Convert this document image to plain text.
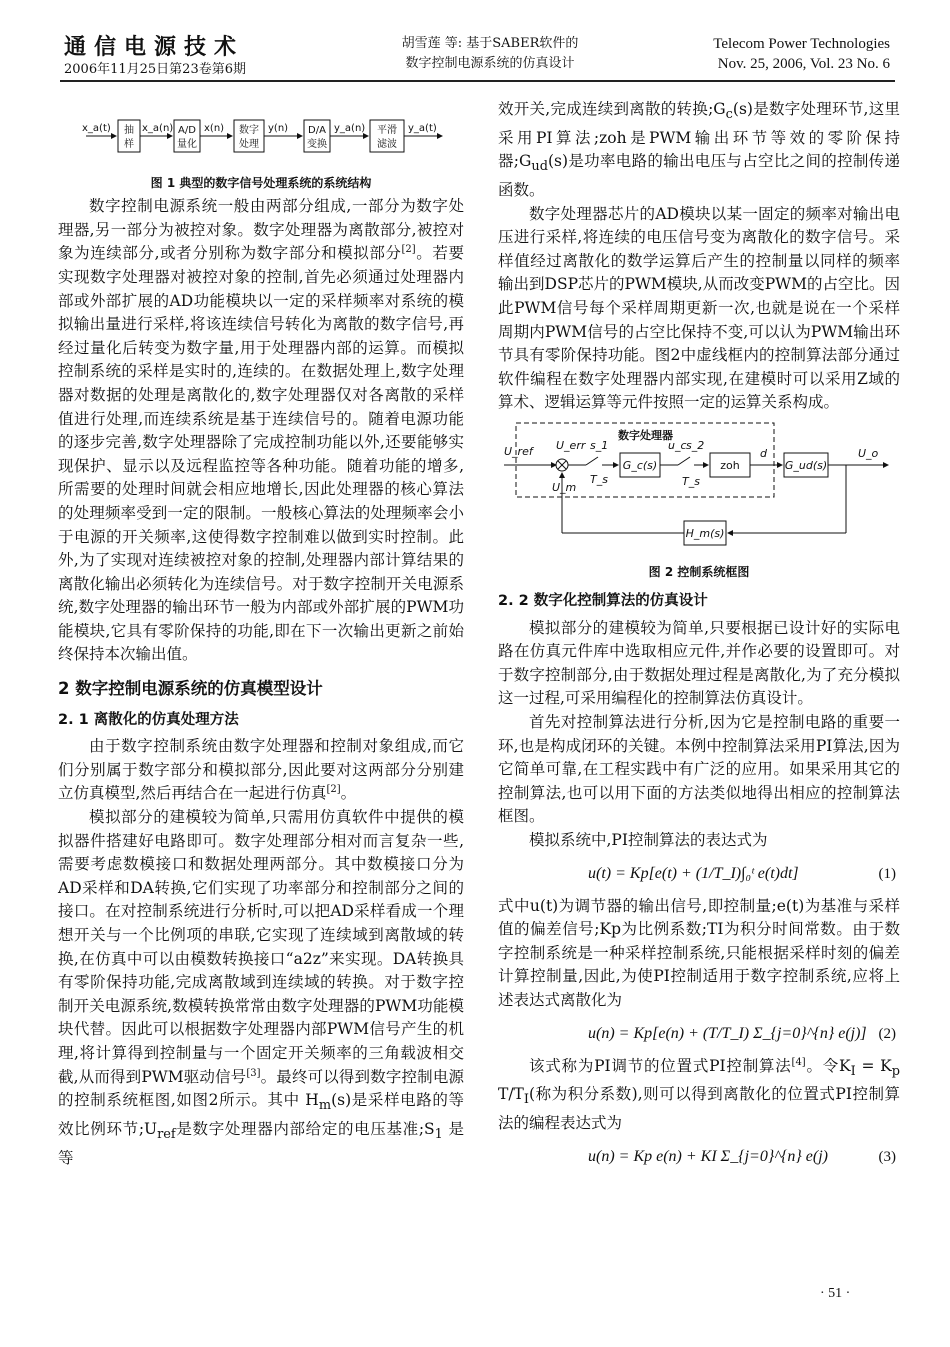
通信电源技术
2006年11月25日第23卷第6期
胡雪莲 等: 基于SABER软件的
数字控制电源系统的仿真设计
Telecom Power Technologies
Nov. 25, 2006, Vol. 23 No. 6
x_a(t)	x_a(n)	x(n)	y(n)	y_a(n)	y_a(t)
抽
样
A/D
量化
数字
处理
D/A
变换
平滑
滤波
图 1 典型的数字信号处理系统的系统结构

数字控制电源系统一般由两部分组成,一部分为数字处理器,另一部分为被控对象。数字处理器为离散部分,被控对象为连续部分,或者分别称为数字部分和模拟部分[2]。若要实现数字处理器对被控对象的控制,首先必须通过处理器内部或外部扩展的AD功能模块以一定的采样频率对系统的模拟输出量进行采样,将该连续信号转化为离散的数字信号,再经过量化后转变为数字量,用于处理器内部的运算。而模拟控制系统的采样是实时的,连续的。在数据处理上,数字处理器对数据的处理是离散化的,数字处理器仅对各离散的采样值进行处理,而连续系统是基于连续信号的。随着电源功能的逐步完善,数字处理器除了完成控制功能以外,还要能够实现保护、显示以及远程监控等各种功能。随着功能的增多,所需要的处理时间就会相应地增长,因此处理器的核心算法的处理频率受到一定的限制。一般核心算法的处理频率会小于电源的开关频率,这使得数字控制难以做到实时控制。此外,为了实现对连续被控对象的控制,处理器内部计算结果的离散化输出必须转化为连续信号。对于数字控制开关电源系统,数字处理器的输出环节一般为内部或外部扩展的PWM功能模块,它具有零阶保持的功能,即在下一次输出更新之前始终保持本次输出值。

2 数字控制电源系统的仿真模型设计
2. 1 离散化的仿真处理方法

由于数字控制系统由数字处理器和控制对象组成,而它们分别属于数字部分和模拟部分,因此要对这两部分分别建立仿真模型,然后再结合在一起进行仿真[2]。

模拟部分的建模较为简单,只需用仿真软件中提供的模拟器件搭建好电路即可。数字处理部分相对而言复杂一些,需要考虑数模接口和数据处理两部分。其中数模接口分为AD采样和DA转换,它们实现了功率部分和控制部分之间的接口。在对控制系统进行分析时,可以把AD采样看成一个理想开关与一个比例项的串联,它实现了连续域到离散域的转换,在仿真中可以由模数转换接口“a2z”来实现。DA转换具有零阶保持功能,完成离散域到连续域的转换。对于数字控制开关电源系统,数模转换常常由数字处理器的PWM功能模块代替。因此可以根据数字处理器内部PWM信号产生的机理,将计算得到控制量与一个固定开关频率的三角载波相交截,从而得到PWM驱动信号[3]。最终可以得到数字控制电源的控制系统框图,如图2所示。其中 $H_m(s)$是采样电路的等效比例环节$;U_{ref}$是数字处理器内部给定的电压基准$;S_1$ 是等

效开关,完成连续到离散的转换$;G_c(s)$是数字处理环节,这里采用PI算法;zoh是PWM输出环节等效的零阶保持器$;G_{ud}(s)$是功率电路的输出电压与占空比之间的控制传递函数。

数字处理器芯片的AD模块以某一固定的频率对输出电压进行采样,将连续的电压信号变为离散化的数字信号。采样值经过离散化的数学运算后产生的控制量以同样的频率输出到DSP芯片的PWM模块,从而改变PWM的占空比。因此PWM信号每个采样周期更新一次,也就是说在一个采样周期内PWM信号的占空比保持不变,可以认为PWM输出环节具有零阶保持功能。图2中虚线框内的控制算法部分通过软件编程在数字处理器内部实现,在建模时可以采用Z域的算术、逻辑运算等元件按照一定的运算关系构成。

数字处理器
U_ref U_err s_1
T_s
U_m
G_c(s)
u_c s_2
T_s
zoh
d
G_ud(s)
U_o
H_m(s)
图 2 控制系统框图
2. 2 数字化控制算法的仿真设计

模拟部分的建模较为简单,只要根据已设计好的实际电路在仿真元件库中选取相应元件,并作必要的设置即可。对于数字控制部分,由于数据处理过程是离散化,为了充分模拟这一过程,可采用编程化的控制算法仿真设计。

首先对控制算法进行分析,因为它是控制电路的重要一环,也是构成闭环的关键。本例中控制算法采用PI算法,因为它简单可靠,在工程实践中有广泛的应用。如果采用其它的控制算法,也可以用下面的方法类似地得出相应的控制算法框图。

模拟系统中,PI控制算法的表达式为

u(t) = Kp[e(t) + (1/T_I)∫₀ᵗ e(t)dt]	(1)

式中u(t)为调节器的输出信号,即控制量;e(t)为基准与采样值的偏差信号;Kp为比例系数;TI为积分时间常数。由于数字控制系统是一种采样控制系统,只能根据采样时刻的偏差计算控制量,因此,为使PI控制适用于数字控制系统,应将上述表达式离散化为

u(n) = Kp[e(n) + (T/T_I) Σ_{j=0}^{n} e(j)] (2)

该式称为PI调节的位置式PI控制算法[4]。令$K_I = K_p$ $T/T_I$(称为积分系数),则可以得到离散化的位置式PI控制算法的编程表达式为

u(n) = Kp e(n) + KI Σ_{j=0}^{n} e(j)	(3)
· 51 ·
